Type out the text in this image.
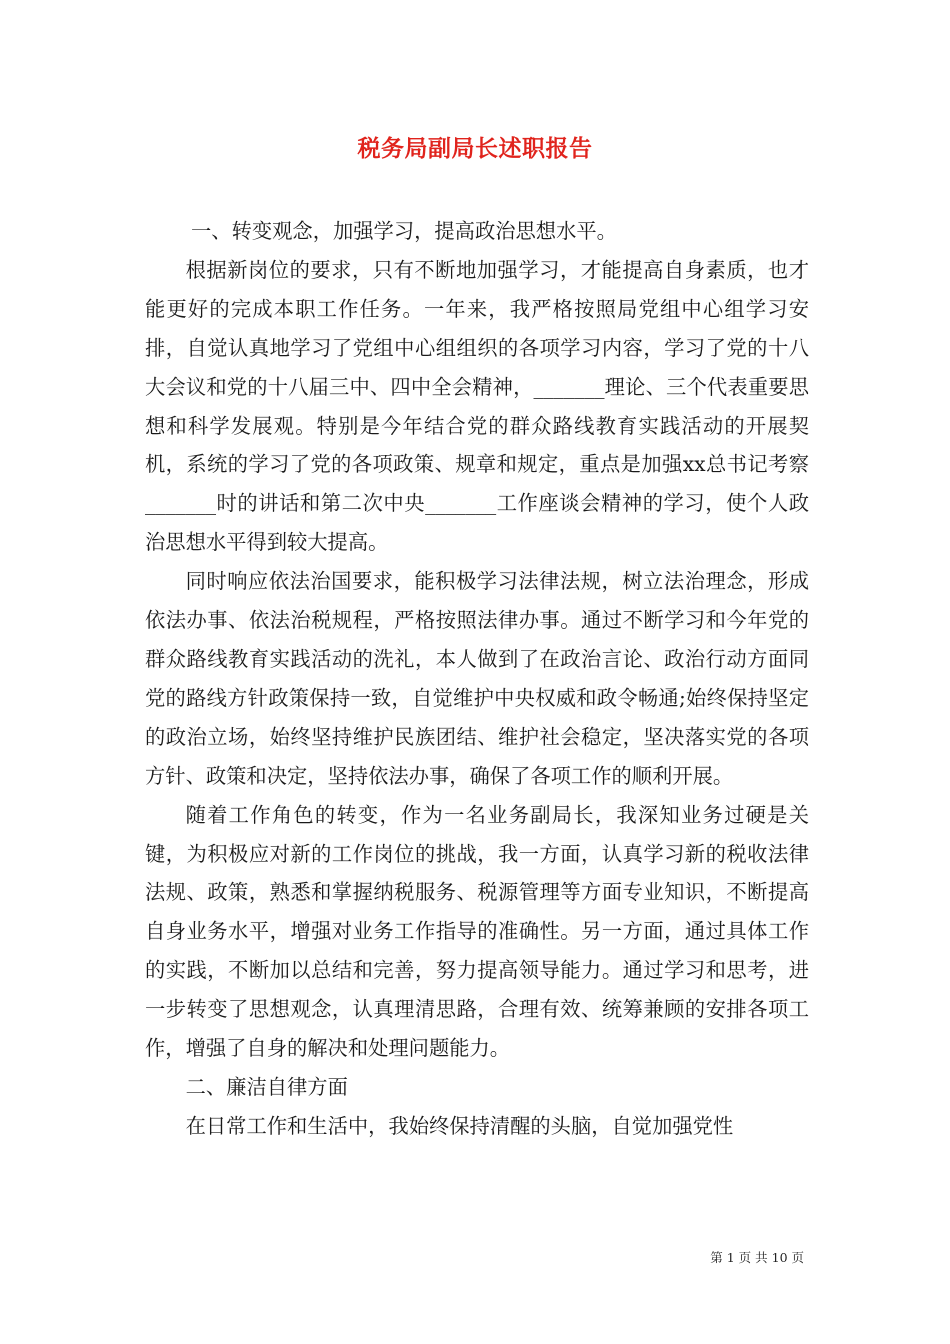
税务局副局长述职报告

一、转变观念，加强学习，提高政治思想水平。

根据新岗位的要求，只有不断地加强学习，才能提高自身素质，也才能更好的完成本职工作任务。一年来，我严格按照局党组中心组学习安排，自觉认真地学习了党组中心组组织的各项学习内容，学习了党的十八大会议和党的十八届三中、四中全会精神，_______理论、三个代表重要思想和科学发展观。特别是今年结合党的群众路线教育实践活动的开展契机，系统的学习了党的各项政策、规章和规定，重点是加强xx总书记考察_______时的讲话和第二次中央_______工作座谈会精神的学习，使个人政治思想水平得到较大提高。

同时响应依法治国要求，能积极学习法律法规，树立法治理念，形成依法办事、依法治税规程，严格按照法律办事。通过不断学习和今年党的群众路线教育实践活动的洗礼，本人做到了在政治言论、政治行动方面同党的路线方针政策保持一致，自觉维护中央权威和政令畅通;始终保持坚定的政治立场，始终坚持维护民族团结、维护社会稳定，坚决落实党的各项方针、政策和决定，坚持依法办事，确保了各项工作的顺利开展。

随着工作角色的转变，作为一名业务副局长，我深知业务过硬是关键，为积极应对新的工作岗位的挑战，我一方面，认真学习新的税收法律法规、政策，熟悉和掌握纳税服务、税源管理等方面专业知识，不断提高自身业务水平，增强对业务工作指导的准确性。另一方面，通过具体工作的实践，不断加以总结和完善，努力提高领导能力。通过学习和思考，进一步转变了思想观念，认真理清思路，合理有效、统筹兼顾的安排各项工作，增强了自身的解决和处理问题能力。

二、廉洁自律方面

在日常工作和生活中，我始终保持清醒的头脑，自觉加强党性

第 1 页 共 10 页
